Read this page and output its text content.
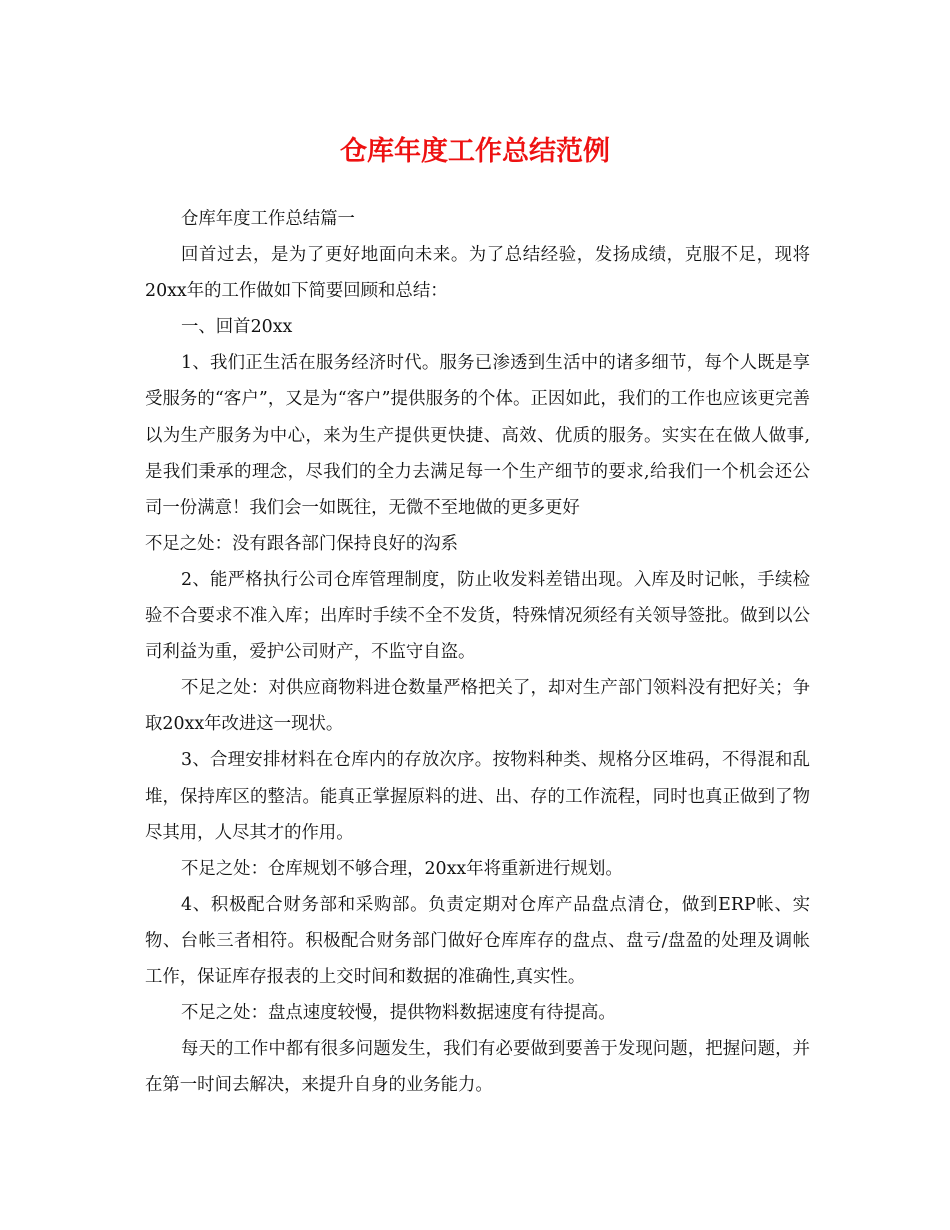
仓库年度工作总结范例

仓库年度工作总结篇一

回首过去，是为了更好地面向未来。为了总结经验，发扬成绩，克服不足，现将20xx年的工作做如下简要回顾和总结：

一、回首20xx

1、我们正生活在服务经济时代。服务已渗透到生活中的诸多细节，每个人既是享受服务的“客户”，又是为“客户”提供服务的个体。正因如此，我们的工作也应该更完善以为生产服务为中心，来为生产提供更快捷、高效、优质的服务。实实在在做人做事,是我们秉承的理念，尽我们的全力去满足每一个生产细节的要求,给我们一个机会还公司一份满意！我们会一如既往，无微不至地做的更多更好

不足之处：没有跟各部门保持良好的沟系

2、能严格执行公司仓库管理制度，防止收发料差错出现。入库及时记帐，手续检验不合要求不准入库；出库时手续不全不发货，特殊情况须经有关领导签批。做到以公司利益为重，爱护公司财产，不监守自盗。

不足之处：对供应商物料进仓数量严格把关了，却对生产部门领料没有把好关；争取20xx年改进这一现状。

3、合理安排材料在仓库内的存放次序。按物料种类、规格分区堆码，不得混和乱堆，保持库区的整洁。能真正掌握原料的进、出、存的工作流程，同时也真正做到了物尽其用，人尽其才的作用。

不足之处：仓库规划不够合理，20xx年将重新进行规划。

4、积极配合财务部和采购部。负责定期对仓库产品盘点清仓，做到ERP帐、实物、台帐三者相符。积极配合财务部门做好仓库库存的盘点、盘亏/盘盈的处理及调帐工作，保证库存报表的上交时间和数据的准确性,真实性。

不足之处：盘点速度较慢，提供物料数据速度有待提高。

每天的工作中都有很多问题发生，我们有必要做到要善于发现问题，把握问题，并在第一时间去解决，来提升自身的业务能力。
